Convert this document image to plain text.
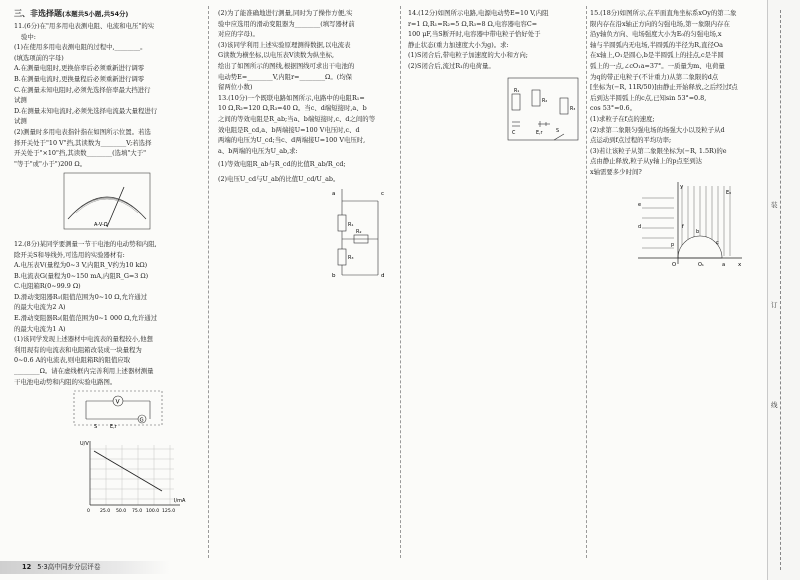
三、非选择题(本题共5小题,共54分)

11.(6分)在"用多用电表测电阻、电流和电压"的实

验中:

(1)在使用多用电表测电阻的过程中,________。

(填选项前的字母)

A.在测量电阻时,更换倍率后必须重新进行调零

B.在测量电流时,更换量程后必须重新进行调零

C.在测量未知电阻时,必须先选择倍率最大挡进行

试测

D.在测量未知电流时,必须先选择电流最大量程进行

试测

(2)测量时多用电表指针指在如图所示位置。若选

择开关处于"10 V"挡,其读数为________V;若选择

开关处于"×10"挡,其读数________(选填"大于"

"等于"或"小于")200 Ω。

A-V-Ω

12.(8分)某同学要测量一节干电池的电动势和内阻,

除开关S和导线外,可选用的实验器材有:

A.电压表V(量程为0~3 V,内阻R_V约为10 kΩ)

B.电流表G(量程为0~150 mA,内阻R_G=3 Ω)

C.电阻箱R(0~99.9 Ω)

D.滑动变阻器R₁(阻值范围为0~10 Ω,允许通过

的最大电流为2 A)

E.滑动变阻器R₂(阻值范围为0~1 000 Ω,允许通过

的最大电流为1 A)

(1)该同学发现上述器材中电流表的量程较小,他想

利用现有的电流表和电阻箱改装成一块量程为

0~0.6 A的电流表,则电阻箱R的阻值应取

________Ω。请在虚线框内完善利用上述器材测量

干电池电动势和内阻的实验电路图。

V
G
S	E,r

U/V
I/mA
0 25.0 50.0 75.0 100.0 125.0

(2)为了能准确地进行测量,同时为了操作方便,实

验中应选用的滑动变阻器为________(填写器材前

对应的字母)。

(3)该同学利用上述实验原理测得数据,以电流表

G读数为横坐标,以电压表V读数为纵坐标,

绘出了如图所示的图线,根据图线可求出干电池的

电动势E=________V,内阻r=________Ω。(均保

留两位小数)

13.(10分)一个既联电路如图所示,电路中的电阻R₁=

10 Ω,R₂=120 Ω,R₃=40 Ω。当c、d端短接时,a、b

之间的等效电阻是R_ab;当a、b端短接时,c、d之间的等

效电阻是R_cd,a、b两端接U=100 V电压时,c、d

两端的电压为U_cd;当c、d两端接U=100 V电压时,

a、b两端的电压为U_ab,求:

(1)等效电阻R_ab与R_cd的比值R_ab/R_cd;

(2)电压U_cd与U_ab的比值U_cd/U_ab。

a
b
c
d
R₁
R₂
R₃

14.(12分)如图所示电路,电源电动势E=10 V,内阻

r=1 Ω,R₁=R₂=5 Ω,R₃=8 Ω,电容器电容C=

100 μF,当S断开时,电容器中带电粒子恰好处于

静止状态(重力加速度大小为g)。求:

(1)S闭合后,带电粒子加速度的大小和方向;

(2)S闭合后,流过R₁的电荷量。

R₁
R₂
R₃
C	E,r	S

15.(18分)如图所示,在平面直角坐标系xOy的第二象

限内存在沿x轴正方向的匀强电场,第一象限内存在

沿y轴负方向、电场强度大小为E₀的匀强电场,x

轴与半圆弧内无电场,半圆弧的半径为R,直径Oa

在x轴上,O₁是圆心,b是半圆弧上的挂点,c是半圆

弧上的一点,∠cO₁a=37°。一质量为m、电荷量

为q的带正电粒子(不计重力)从第二象限的d点

[坐标为(−R, 11R/50)]由静止开始释放,之后经过f点

后到达半圆弧上的c点,已知sin 53°=0.8,

cos 53°=0.6。

(1)求粒子在f点的速度;

(2)求第二象限匀强电场的场强大小以及粒子从d

点运动到f点过程的平均功率;

(3)若让该粒子从第二象限坐标为(−R, 1.5R)的e

点由静止释放,粒子从y轴上的p点至到达

x轴需要多少时间?

y
x
O	O₁	a
b
c
d
e
f
p
E₀
12 5·3高中同步分层评卷
装
订
线
